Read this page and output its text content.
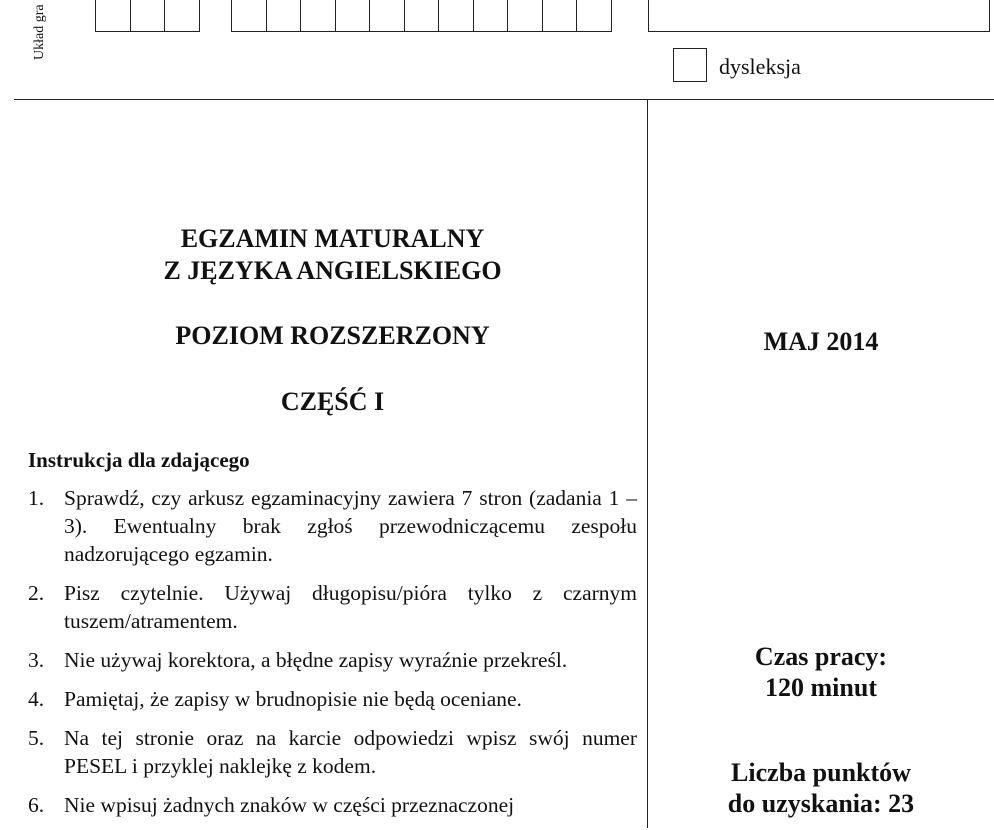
Układ gra
dysleksja
EGZAMIN MATURALNY
Z JĘZYKA ANGIELSKIEGO
POZIOM ROZSZERZONY
CZĘŚĆ I
Instrukcja dla zdającego
1. Sprawdź, czy arkusz egzaminacyjny zawiera 7 stron (zadania 1 – 3). Ewentualny brak zgłoś przewodniczącemu zespołu nadzorującego egzamin.
2. Pisz czytelnie. Używaj długopisu/pióra tylko z czarnym tuszem/atramentem.
3. Nie używaj korektora, a błędne zapisy wyraźnie przekreśl.
4. Pamiętaj, że zapisy w brudnopisie nie będą oceniane.
5. Na tej stronie oraz na karcie odpowiedzi wpisz swój numer PESEL i przyklej naklejkę z kodem.
6. Nie wpisuj żadnych znaków w części przeznaczonej
MAJ 2014
Czas pracy:
120 minut
Liczba punktów
do uzyskania: 23
